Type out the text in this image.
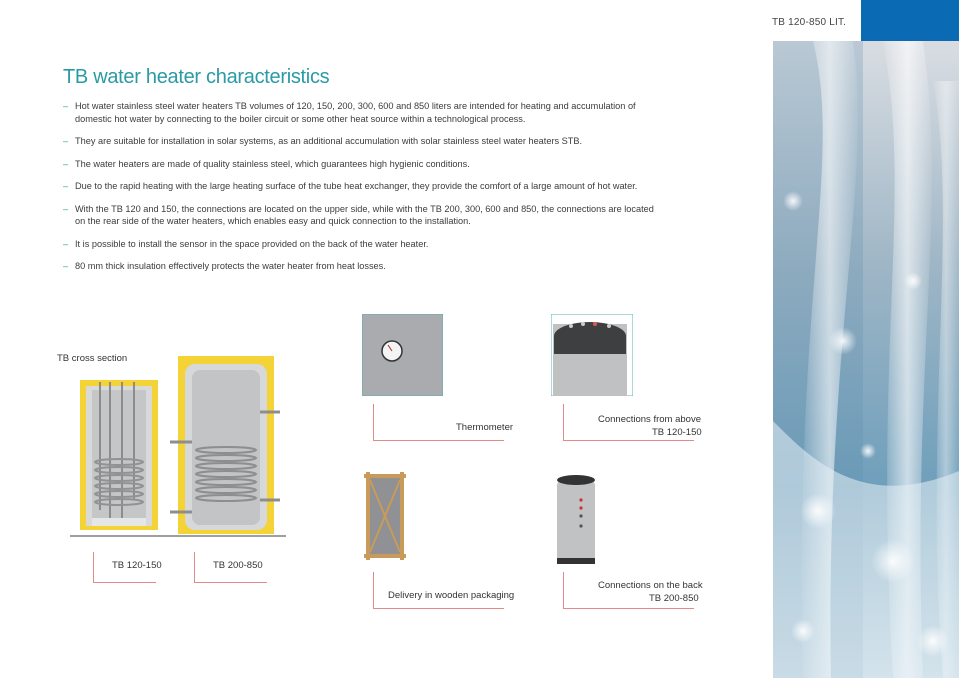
TB 120-850 LIT.
TB water heater characteristics
– Hot water stainless steel water heaters TB volumes of 120, 150, 200, 300, 600 and 850 liters are intended for heating and accumulation of domestic hot water by connecting to the boiler circuit or some other heat source within a technological process.
– They are suitable for installation in solar systems, as an additional accumulation with solar stainless steel water heaters STB.
– The water heaters are made of quality stainless steel, which guarantees high hygienic conditions.
– Due to the rapid heating with the large heating surface of the tube heat exchanger, they provide the comfort of a large amount of hot water.
– With the TB 120 and 150, the connections are located on the upper side, while with the TB 200, 300, 600 and 850, the connections are located on the rear side of the water heaters, which enables easy and quick connection to the installation.
– It is possible to install the sensor in the space provided on the back of the water heater.
– 80 mm thick insulation effectively protects the water heater from heat losses.
TB cross section
TB 120-150	TB 200-850
Thermometer
Connections from above
TB 120-150
Delivery in wooden packaging
Connections on the back
TB 200-850
